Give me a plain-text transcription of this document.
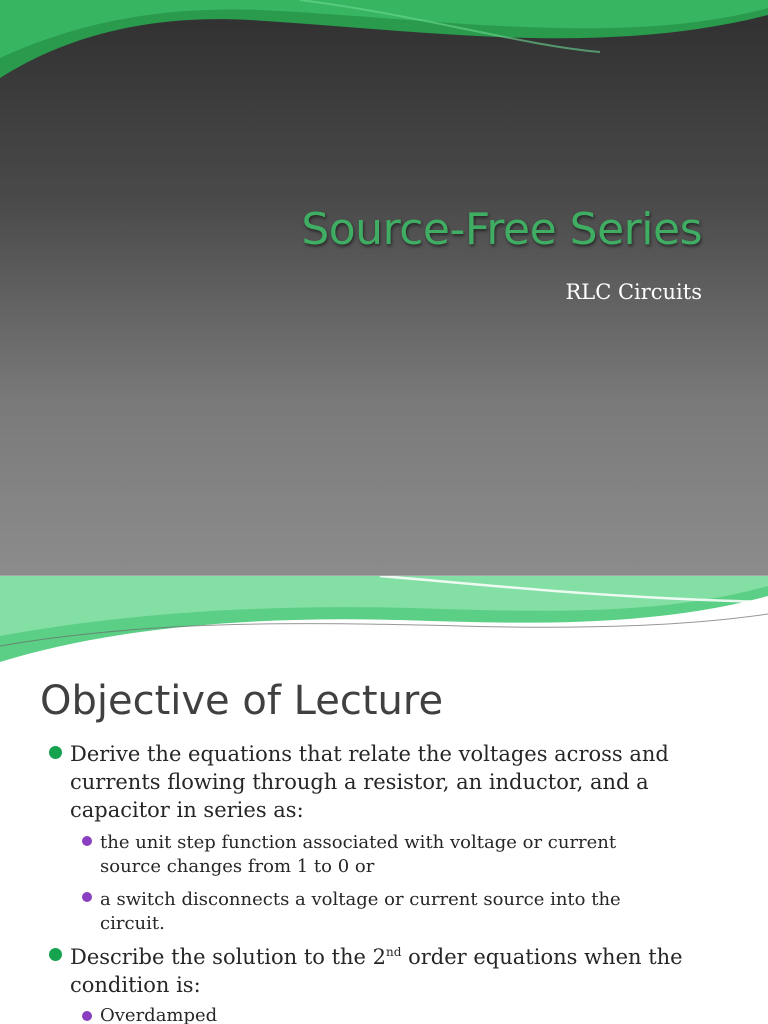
Source-Free Series
RLC Circuits
Objective of Lecture
Derive the equations that relate the voltages across and
currents flowing through a resistor, an inductor, and a
capacitor in series as:
the unit step function associated with voltage or current
source changes from 1 to 0 or
a switch disconnects a voltage or current source into the
circuit.
Describe the solution to the 2nd order equations when the
condition is:
Overdamped
